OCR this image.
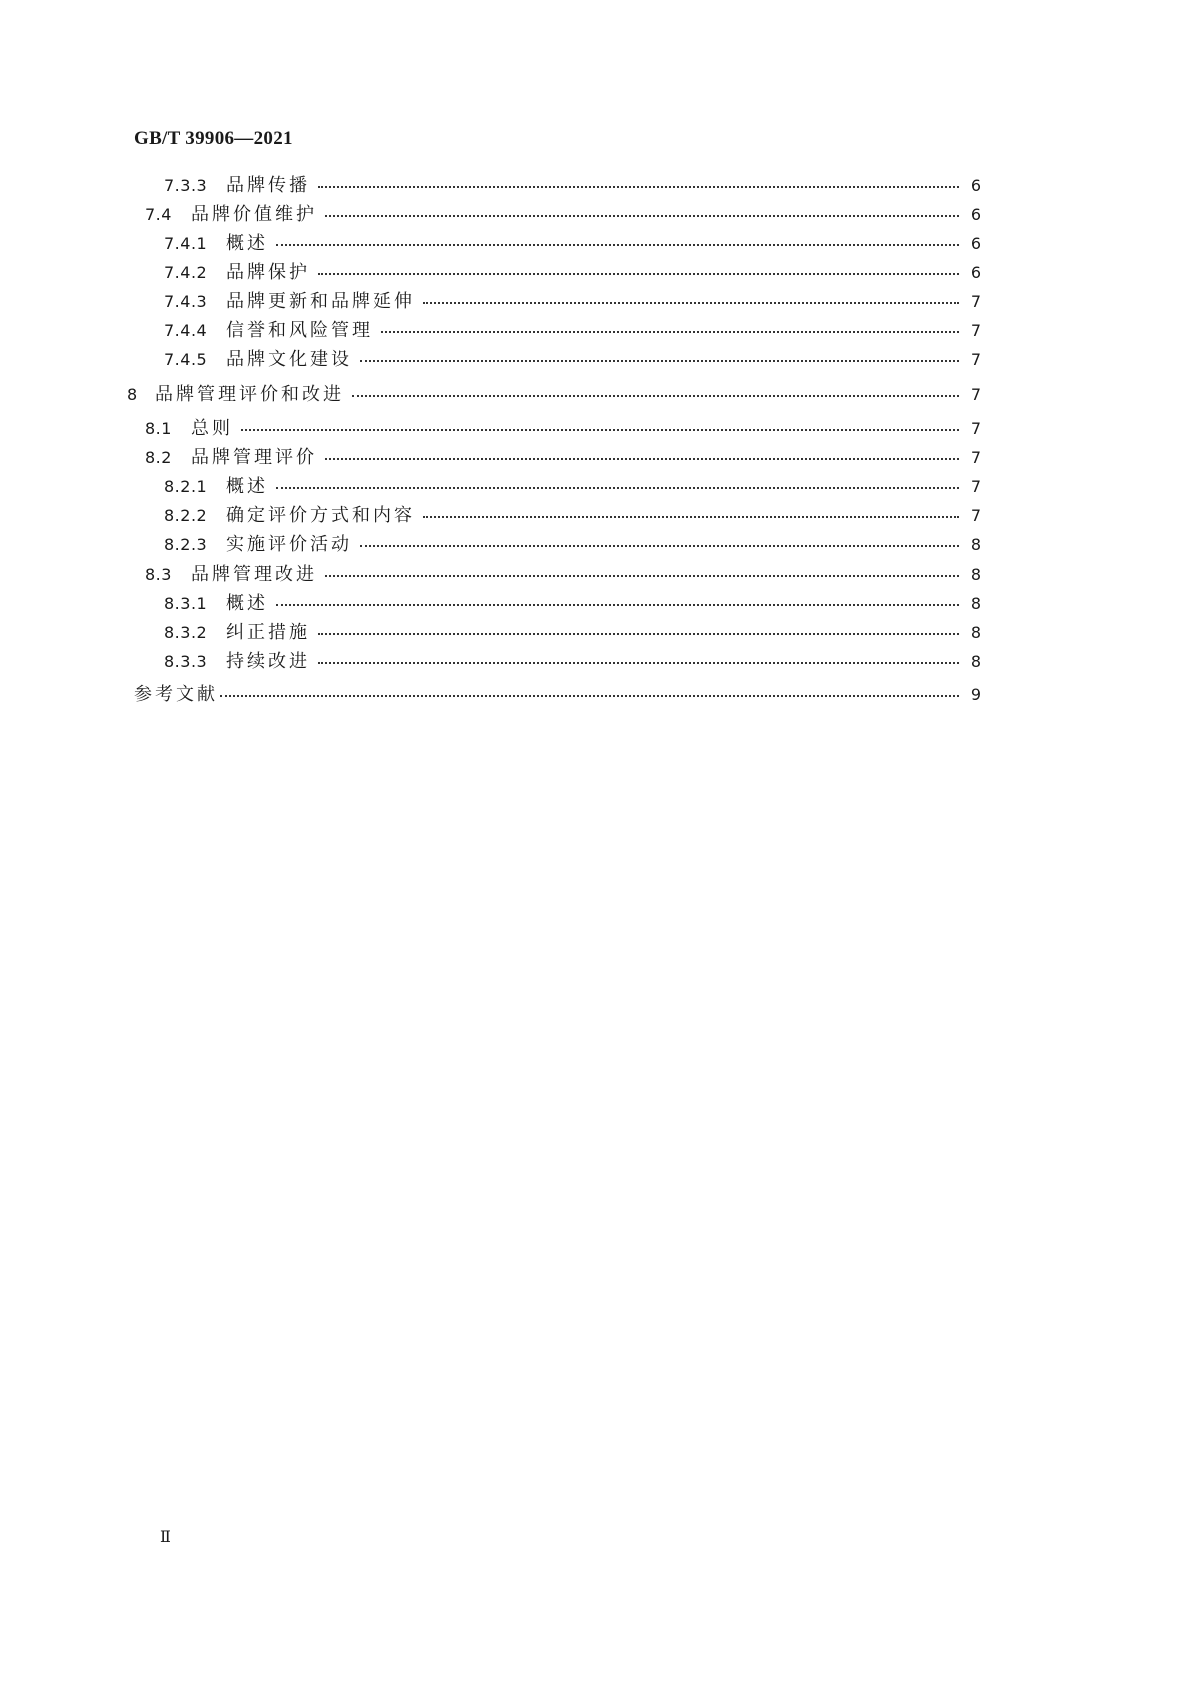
GB/T 39906—2021
7.3.3	品牌传播	6
7.4	品牌价值维护	6
7.4.1	概述	6
7.4.2	品牌保护	6
7.4.3	品牌更新和品牌延伸	7
7.4.4	信誉和风险管理	7
7.4.5	品牌文化建设	7
8 品牌管理评价和改进	7
8.1	总则	7
8.2	品牌管理评价	7
8.2.1	概述	7
8.2.2	确定评价方式和内容	7
8.2.3	实施评价活动	8
8.3	品牌管理改进	8
8.3.1	概述	8
8.3.2	纠正措施	8
8.3.3	持续改进	8
参考文献	9
Ⅱ
